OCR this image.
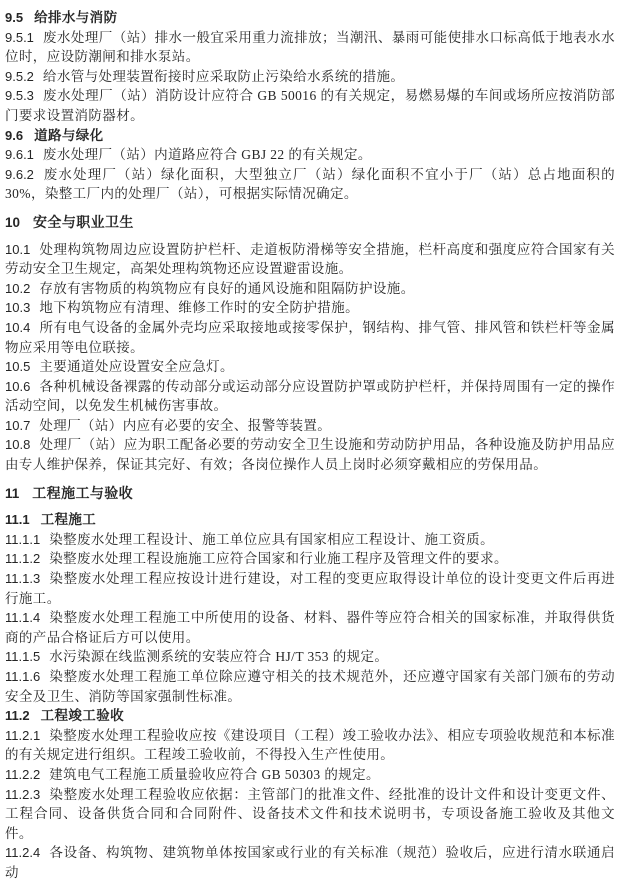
9.5 给排水与消防

9.5.1 废水处理厂（站）排水一般宜采用重力流排放；当潮汛、暴雨可能使排水口标高低于地表水水位时，应设防潮闸和排水泵站。

9.5.2 给水管与处理装置衔接时应采取防止污染给水系统的措施。

9.5.3 废水处理厂（站）消防设计应符合 GB 50016 的有关规定，易燃易爆的车间或场所应按消防部门要求设置消防器材。

9.6 道路与绿化

9.6.1 废水处理厂（站）内道路应符合 GBJ 22 的有关规定。

9.6.2 废水处理厂（站）绿化面积，大型独立厂（站）绿化面积不宜小于厂（站）总占地面积的 30%，染整工厂内的处理厂（站），可根据实际情况确定。

10 安全与职业卫生

10.1 处理构筑物周边应设置防护栏杆、走道板防滑梯等安全措施，栏杆高度和强度应符合国家有关劳动安全卫生规定，高架处理构筑物还应设置避雷设施。

10.2 存放有害物质的构筑物应有良好的通风设施和阻隔防护设施。

10.3 地下构筑物应有清理、维修工作时的安全防护措施。

10.4 所有电气设备的金属外壳均应采取接地或接零保护，钢结构、排气管、排风管和铁栏杆等金属物应采用等电位联接。

10.5 主要通道处应设置安全应急灯。

10.6 各种机械设备裸露的传动部分或运动部分应设置防护罩或防护栏杆，并保持周围有一定的操作活动空间，以免发生机械伤害事故。

10.7 处理厂（站）内应有必要的安全、报警等装置。

10.8 处理厂（站）应为职工配备必要的劳动安全卫生设施和劳动防护用品，各种设施及防护用品应由专人维护保养，保证其完好、有效；各岗位操作人员上岗时必须穿戴相应的劳保用品。

11 工程施工与验收

11.1 工程施工

11.1.1 染整废水处理工程设计、施工单位应具有国家相应工程设计、施工资质。

11.1.2 染整废水处理工程设施施工应符合国家和行业施工程序及管理文件的要求。

11.1.3 染整废水处理工程应按设计进行建设，对工程的变更应取得设计单位的设计变更文件后再进行施工。

11.1.4 染整废水处理工程施工中所使用的设备、材料、器件等应符合相关的国家标准，并取得供货商的产品合格证后方可以使用。

11.1.5 水污染源在线监测系统的安装应符合 HJ/T 353 的规定。

11.1.6 染整废水处理工程施工单位除应遵守相关的技术规范外，还应遵守国家有关部门颁布的劳动安全及卫生、消防等国家强制性标准。

11.2 工程竣工验收

11.2.1 染整废水处理工程验收应按《建设项目（工程）竣工验收办法》、相应专项验收规范和本标准的有关规定进行组织。工程竣工验收前，不得投入生产性使用。

11.2.2 建筑电气工程施工质量验收应符合 GB 50303 的规定。

11.2.3 染整废水处理工程验收应依据：主管部门的批准文件、经批准的设计文件和设计变更文件、工程合同、设备供货合同和合同附件、设备技术文件和技术说明书，专项设备施工验收及其他文件。

11.2.4 各设备、构筑物、建筑物单体按国家或行业的有关标准（规范）验收后，应进行清水联通启动
